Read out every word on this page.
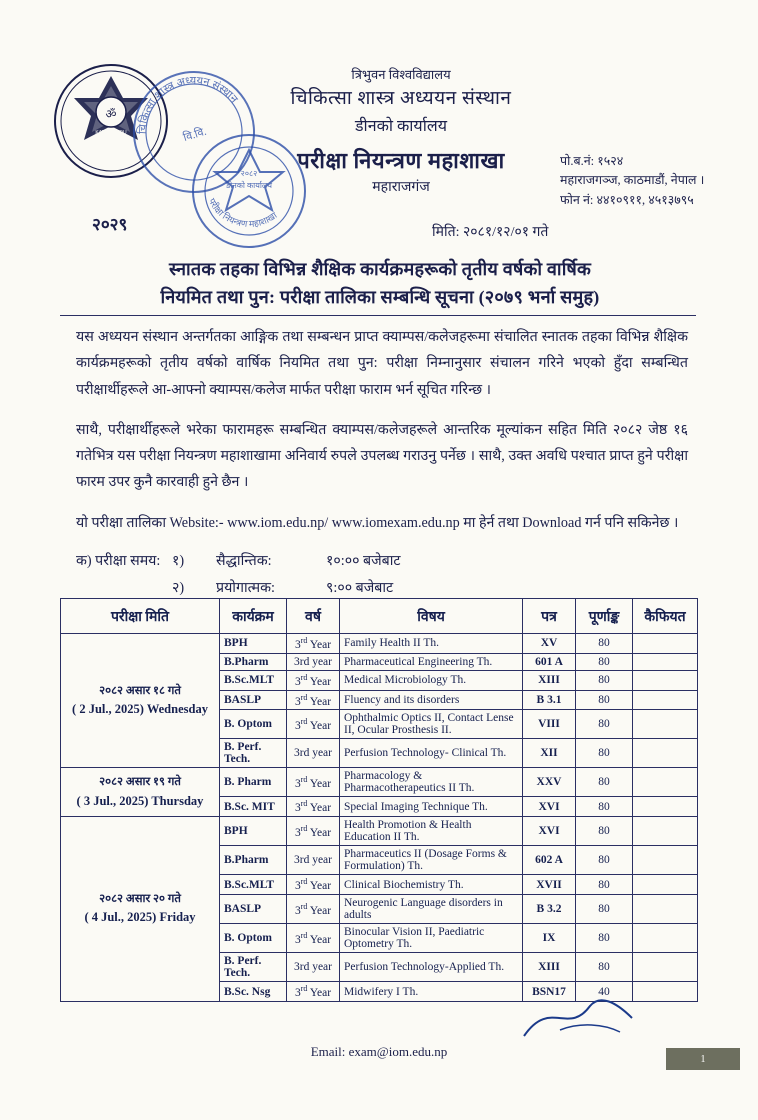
ॐ
KATHMANDU
NEPAL
चिकित्सा शास्त्र अध्ययन संस्थान
वि.वि.
परीक्षा नियन्त्रण महाशाखा
२०८२
डीनको कार्यालय
त्रिभुवन विश्वविद्यालय
चिकित्सा शास्त्र अध्ययन संस्थान
डीनको कार्यालय
परीक्षा नियन्त्रण महाशाखा
महाराजगंज
पो.ब.नं: १५२४
महाराजगञ्ज, काठमाडौं, नेपाल ।
फोन नं: ४४१०९११, ४५१३७९५
२०२९	मिति: २०८१/१२/०१ गते
स्नातक तहका विभिन्न शैक्षिक कार्यक्रमहरूको तृतीय वर्षको वार्षिक
नियमित तथा पुन: परीक्षा तालिका सम्बन्धि सूचना (२०७९ भर्ना समुह)

यस अध्ययन संस्थान अन्तर्गतका आङ्गिक तथा सम्बन्धन प्राप्त क्याम्पस/कलेजहरूमा संचालित स्नातक तहका विभिन्न शैक्षिक कार्यक्रमहरूको तृतीय वर्षको वार्षिक नियमित तथा पुन: परीक्षा निम्नानुसार संचालन गरिने भएको हुँदा सम्बन्धित परीक्षार्थीहरूले आ-आफ्नो क्याम्पस/कलेज मार्फत परीक्षा फाराम भर्न सूचित गरिन्छ ।

साथै, परीक्षार्थीहरूले भरेका फारामहरू सम्बन्धित क्याम्पस/कलेजहरूले आन्तरिक मूल्यांकन सहित मिति २०८२ जेष्ठ १६ गतेभित्र यस परीक्षा नियन्त्रण महाशाखामा अनिवार्य रुपले उपलब्ध गराउनु पर्नेछ । साथै, उक्त अवधि पश्चात प्राप्त हुने परीक्षा फारम उपर कुनै कारवाही हुने छैन ।

यो परीक्षा तालिका Website:- www.iom.edu.np/ www.iomexam.edu.np मा हेर्न तथा Download गर्न पनि सकिनेछ ।

क) परीक्षा समय: १)	सैद्धान्तिक:	१०:०० बजेबाट
२)	प्रयोगात्मक:	९:०० बजेबाट
परीक्षा मिति	कार्यक्रम	वर्ष	विषय	पत्र	पूर्णाङ्क	कैफियत

२०८२ असार १८ गते
( 2 Jul., 2025) Wednesday	BPH	3rd Year	Family Health II Th.	XV	80	
	B.Pharm	3rd year	Pharmaceutical Engineering Th.	601 A	80	
	B.Sc.MLT	3rd Year	Medical Microbiology Th.	XIII	80	
	BASLP	3rd Year	Fluency and its disorders	B 3.1	80	
	B. Optom	3rd Year	Ophthalmic Optics II, Contact Lense II, Ocular Prosthesis II.	VIII	80	
	B. Perf. Tech.	3rd year	Perfusion Technology- Clinical Th.	XII	80	

२०८२ असार १९ गते
( 3 Jul., 2025) Thursday	B. Pharm	3rd Year	Pharmacology & Pharmacotherapeutics II Th.	XXV	80	
	B.Sc. MIT	3rd Year	Special Imaging Technique Th.	XVI	80	

२०८२ असार २० गते
( 4 Jul., 2025) Friday	BPH	3rd Year	Health Promotion & Health Education II Th.	XVI	80	
	B.Pharm	3rd year	Pharmaceutics II (Dosage Forms & Formulation) Th.	602 A	80	
	B.Sc.MLT	3rd Year	Clinical Biochemistry Th.	XVII	80	
	BASLP	3rd Year	Neurogenic Language disorders in adults	B 3.2	80	
	B. Optom	3rd Year	Binocular Vision II, Paediatric Optometry Th.	IX	80	
	B. Perf. Tech.	3rd year	Perfusion Technology-Applied Th.	XIII	80	
	B.Sc. Nsg	3rd Year	Midwifery I Th.	BSN17	40	
Email: exam@iom.edu.np	1
